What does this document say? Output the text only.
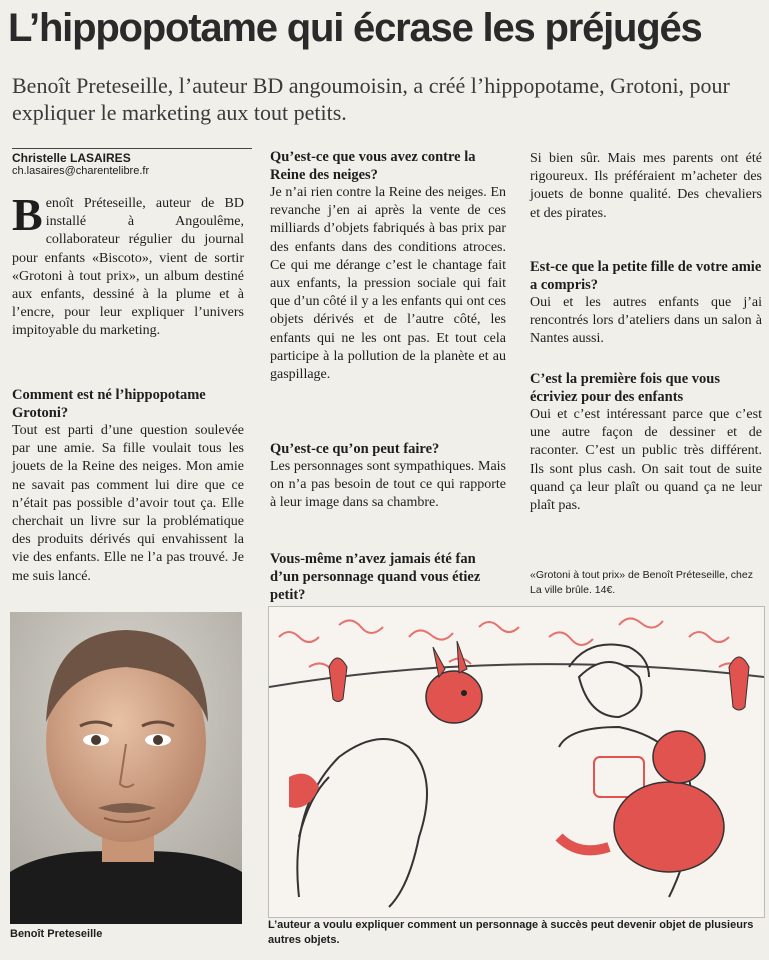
L’hippopotame qui écrase les préjugés
Benoît Preteseille, l’auteur BD angoumoisin, a créé l’hippopotame, Grotoni, pour expliquer le marketing aux tout petits.
Christelle LASAIRES
ch.lasaires@charentelibre.fr
Benoît Préteseille, auteur de BD installé à Angoulême, collaborateur régulier du journal pour enfants «Biscoto», vient de sortir «Grotoni à tout prix», un album destiné aux enfants, dessiné à la plume et à l’encre, pour leur expliquer l’univers impitoyable du marketing.
Comment est né l’hippopotame Grotoni?
Tout est parti d’une question soulevée par une amie. Sa fille voulait tous les jouets de la Reine des neiges. Mon amie ne savait pas comment lui dire que ce n’était pas possible d’avoir tout ça. Elle cherchait un livre sur la problématique des produits dérivés qui envahissent la vie des enfants. Elle ne l’a pas trouvé. Je me suis lancé.
Qu’est-ce que vous avez contre la Reine des neiges?
Je n’ai rien contre la Reine des neiges. En revanche j’en ai après la vente de ces milliards d’objets fabriqués à bas prix par des enfants dans des conditions atroces. Ce qui me dérange c’est le chantage fait aux enfants, la pression sociale qui fait que d’un côté il y a les enfants qui ont ces objets dérivés et de l’autre côté, les enfants qui ne les ont pas. Et tout cela participe à la pollution de la planète et au gaspillage.
Qu’est-ce qu’on peut faire?
Les personnages sont sympathiques. Mais on n’a pas besoin de tout ce qui rapporte à leur image dans sa chambre.
Vous-même n’avez jamais été fan d’un personnage quand vous étiez petit?
Si bien sûr. Mais mes parents ont été rigoureux. Ils préféraient m’acheter des jouets de bonne qualité. Des chevaliers et des pirates.
Est-ce que la petite fille de votre amie a compris?
Oui et les autres enfants que j’ai rencontrés lors d’ateliers dans un salon à Nantes aussi.
C’est la première fois que vous écriviez pour des enfants
Oui et c’est intéressant parce que c’est une autre façon de dessiner et de raconter. C’est un public très différent. Ils sont plus cash. On sait tout de suite quand ça leur plaît ou quand ça ne leur plaît pas.
«Grotoni à tout prix» de Benoît Préteseille, chez La ville brûle. 14€.
Benoît Preteseille
L’auteur a voulu expliquer comment un personnage à succès peut devenir objet de plusieurs autres objets.
